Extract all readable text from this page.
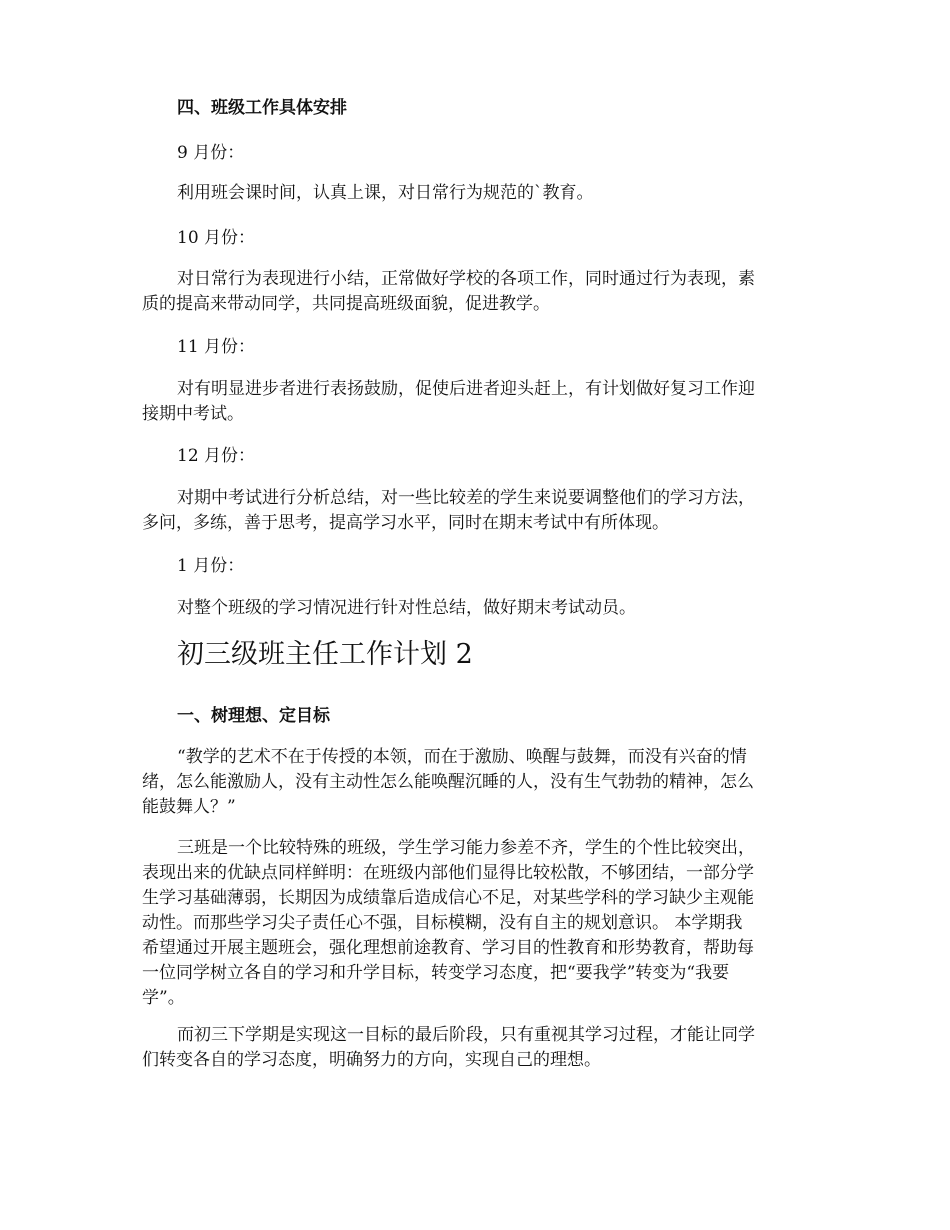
四、班级工作具体安排

9 月份：

利用班会课时间，认真上课，对日常行为规范的`教育。

10 月份：

对日常行为表现进行小结，正常做好学校的各项工作，同时通过行为表现，素
质的提高来带动同学，共同提高班级面貌，促进教学。

11 月份：

对有明显进步者进行表扬鼓励，促使后进者迎头赶上，有计划做好复习工作迎
接期中考试。

12 月份：

对期中考试进行分析总结，对一些比较差的学生来说要调整他们的学习方法，
多问，多练，善于思考，提高学习水平，同时在期末考试中有所体现。

1 月份：

对整个班级的学习情况进行针对性总结，做好期末考试动员。

初三级班主任工作计划 2

一、树理想、定目标

“教学的艺术不在于传授的本领，而在于激励、唤醒与鼓舞，而没有兴奋的情
绪，怎么能激励人，没有主动性怎么能唤醒沉睡的人，没有生气勃勃的精神，怎么
能鼓舞人？”

三班是一个比较特殊的班级，学生学习能力参差不齐，学生的个性比较突出，
表现出来的优缺点同样鲜明：在班级内部他们显得比较松散，不够团结，一部分学
生学习基础薄弱，长期因为成绩靠后造成信心不足，对某些学科的学习缺少主观能
动性。而那些学习尖子责任心不强，目标模糊，没有自主的规划意识。 本学期我
希望通过开展主题班会，强化理想前途教育、学习目的性教育和形势教育，帮助每
一位同学树立各自的学习和升学目标，转变学习态度，把“要我学”转变为“我要
学”。

而初三下学期是实现这一目标的最后阶段，只有重视其学习过程，才能让同学
们转变各自的学习态度，明确努力的方向，实现自己的理想。
